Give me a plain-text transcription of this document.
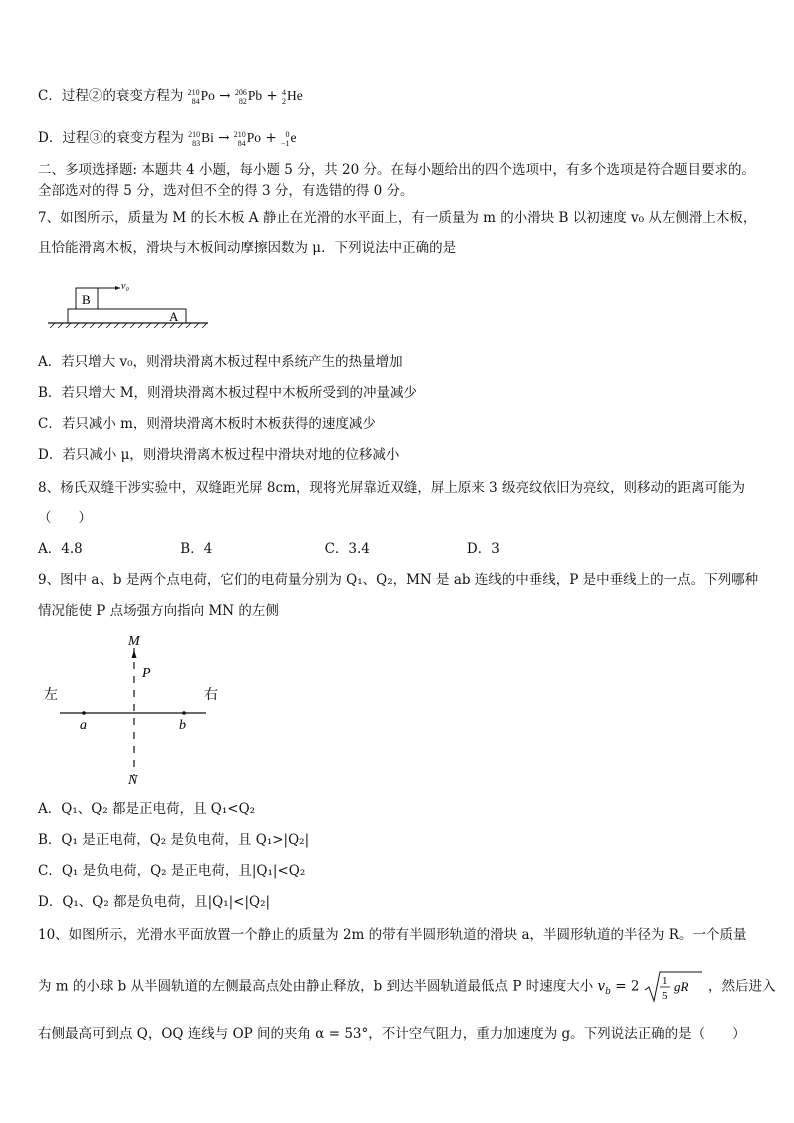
C．过程②的衰变方程为 210
84 Po → 206
82 Pb + 4
2 He
D．过程③的衰变方程为 210
83 Bi → 210
84 Po +	0
−1 e
二、多项选择题: 本题共 4 小题，每小题 5 分，共 20 分。在每小题给出的四个选项中，有多个选项是符合题目要求的。
全部选对的得 5 分，选对但不全的得 3 分，有选错的得 0 分。
7、如图所示，质量为 M 的长木板 A 静止在光滑的水平面上，有一质量为 m 的小滑块 B 以初速度 v₀ 从左侧滑上木板，
且恰能滑离木板，滑块与木板间动摩擦因数为 μ．下列说法中正确的是
B
v₀
A
A．若只增大 v₀，则滑块滑离木板过程中系统产生的热量增加
B．若只增大 M，则滑块滑离木板过程中木板所受到的冲量减少
C．若只减小 m，则滑块滑离木板时木板获得的速度减少
D．若只减小 μ，则滑块滑离木板过程中滑块对地的位移减小
8、杨氏双缝干涉实验中，双缝距光屏 8cm，现将光屏靠近双缝，屏上原来 3 级亮纹依旧为亮纹，则移动的距离可能为
（　　）
A．4.8	B．4	C．3.4	D．3
9、图中 a、b 是两个点电荷，它们的电荷量分别为 Q₁、Q₂，MN 是 ab 连线的中垂线，P 是中垂线上的一点。下列哪种
情况能使 P 点场强方向指向 MN 的左侧
M
P
左	右
a	b
N
A．Q₁、Q₂ 都是正电荷，且 Q₁<Q₂
B．Q₁ 是正电荷，Q₂ 是负电荷，且 Q₁>|Q₂|
C．Q₁ 是负电荷，Q₂ 是正电荷，且|Q₁|<Q₂
D．Q₁、Q₂ 都是负电荷，且|Q₁|<|Q₂|
10、如图所示，光滑水平面放置一个静止的质量为 2m 的带有半圆形轨道的滑块 a，半圆形轨道的半径为 R。一个质量
为 m 的小球 b 从半圆轨道的左侧最高点处由静止释放，b 到达半圆轨道最低点 P 时速度大小 $v_b = 2$ 1
5
gR ，然后进入
右侧最高可到点 Q，OQ 连线与 OP 间的夹角 α = 53°，不计空气阻力，重力加速度为 g。下列说法正确的是（　　）
